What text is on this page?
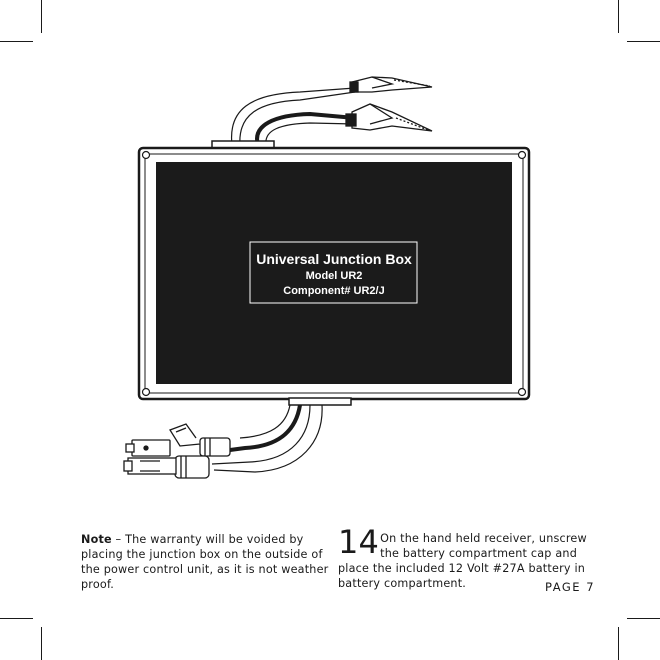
Universal Junction Box
Model UR2
Component# UR2/J
Note – The warranty will be voided by placing the junction box on the outside of the power control unit, as it is not weather proof.
14 On the hand held receiver, unscrew
the battery compartment cap and place the included 12 Volt #27A battery in battery compartment.	PAGE 7
